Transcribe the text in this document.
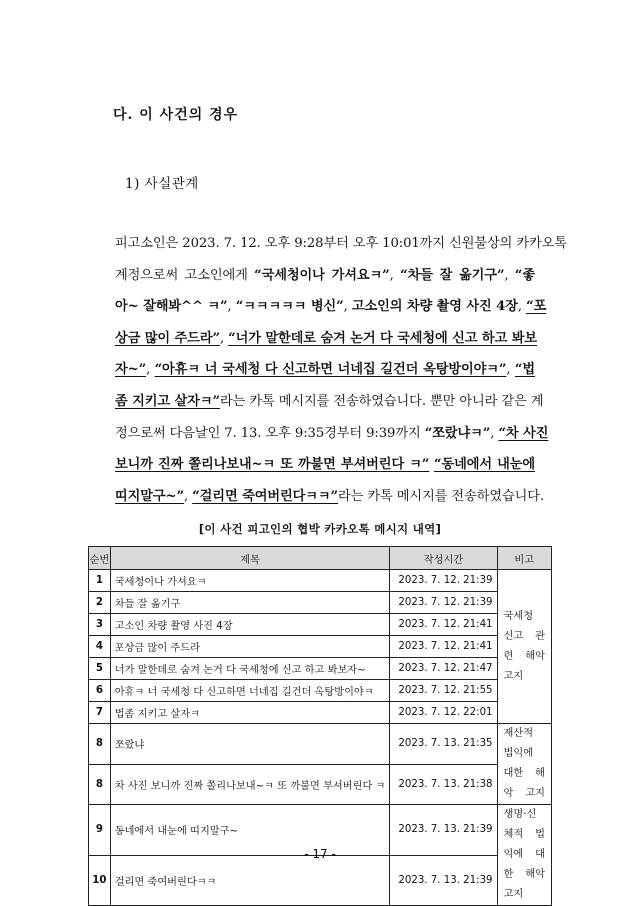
다. 이 사건의 경우
1) 사실관계
피고소인은 2023. 7. 12. 오후 9:28부터 오후 10:01까지 신원불상의 카카오톡
계정으로써 고소인에게 “국세청이나 가셔요ㅋ”, “차들 잘 옮기구”, “좋
아~ 잘해봐^^ ㅋ”, “ㅋㅋㅋㅋㅋ 병신”, 고소인의 차량 촬영 사진 4장, “포
상금 많이 주드라”, “너가 말한데로 숨겨 논거 다 국세청에 신고 하고 봐보
자~”, “아휴ㅋ 너 국세청 다 신고하면 너네집 길건더 옥탕방이야ㅋ”, “법
좀 지키고 살자ㅋ”라는 카톡 메시지를 전송하였습니다. 뿐만 아니라 같은 계
정으로써 다음날인 7. 13. 오후 9:35경부터 9:39까지 “쪼랐냐ㅋ”, “차 사진
보니까 진짜 쫄리나보내~ㅋ 또 까불면 부셔버린다 ㅋ” “동네에서 내눈에
띠지말구~”, “걸리면 죽여버린다ㅋㅋ”라는 카톡 메시지를 전송하였습니다.
[이 사건 피고인의 협박 카카오톡 메시지 내역]
순번	제목	작성시간	비고
1	국세청이나 가셔요ㅋ	2023. 7. 12. 21:39	국세청 신고 관련 해악 고지
2	차들 잘 옮기구	2023. 7. 12. 21:39	
3	고소인 차량 촬영 사진 4장	2023. 7. 12. 21:41	
4	포상금 많이 주드라	2023. 7. 12. 21:41	
5	너가 말한데로 숨겨 논거 다 국세청에 신고 하고 봐보자~	2023. 7. 12. 21:47	
6	아휴ㅋ 너 국세청 다 신고하면 너네집 길건더 옥탕방이야ㅋ	2023. 7. 12. 21:55	
7	법좀 지키고 살자ㅋ	2023. 7. 12. 22:01	
8	쪼랐냐	2023. 7. 13. 21:35	재산적 법익에 대한 해악 고지
8	차 사진 보니까 진짜 쫄리나보내~ㅋ 또 까불면 부셔버린다 ㅋ	2023. 7. 13. 21:38	
9	동네에서 내눈에 띠지말구~	2023. 7. 13. 21:39	생명·신체적 법익에 대한 해악 고지
10	걸리면 죽여버린다ㅋㅋ	2023. 7. 13. 21:39	
- 17 -
